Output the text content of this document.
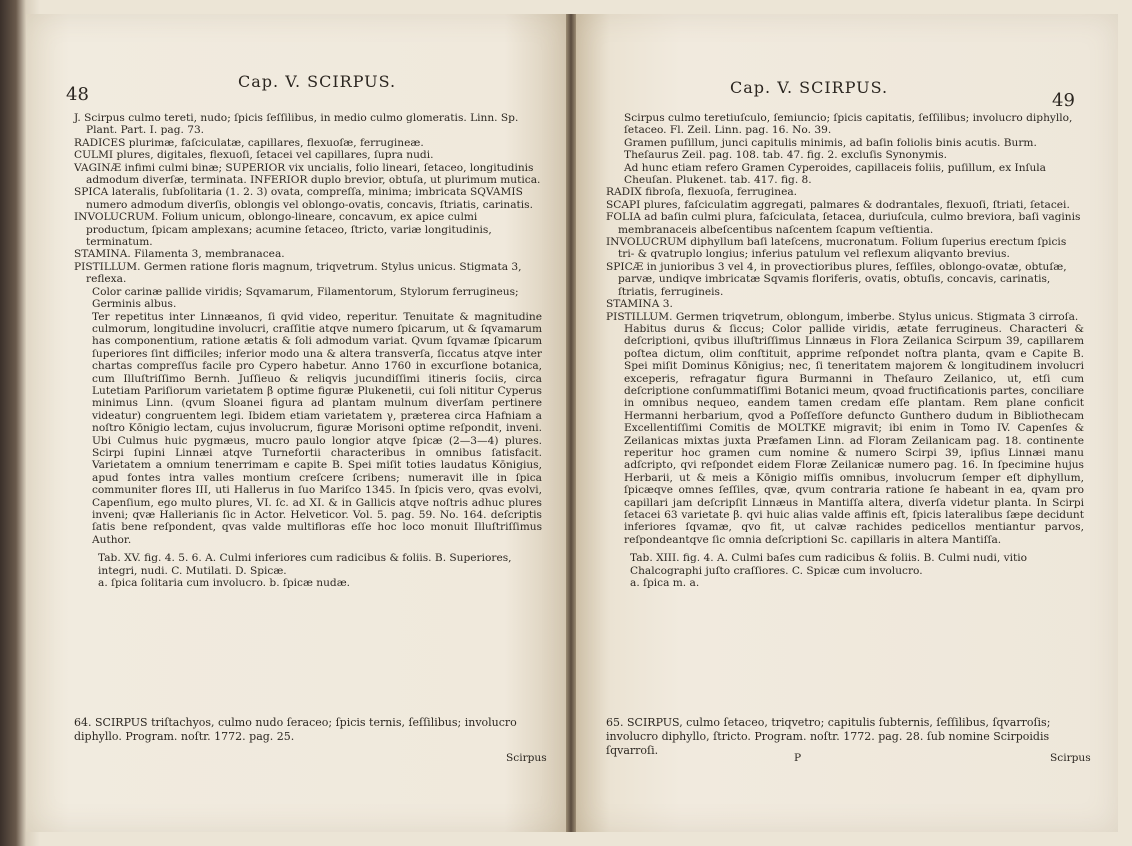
48
Cap. V. SCIRPUS.

J. Scirpus culmo tereti, nudo; ſpicis ſeſſilibus, in medio culmo glomeratis. Linn. Sp. Plant. Part. I. pag. 73.

RADICES plurimæ, faſciculatæ, capillares, flexuoſæ, ferrugineæ.

CULMI plures, digitales, flexuoſi, ſetacei vel capillares, ſupra nudi.

VAGINÆ infimi culmi binæ; SUPERIOR vix uncialis, folio lineari, ſetaceo, longitudinis admodum diverſæ, terminata. INFERIOR duplo brevior, obtuſa, ut plurimum mutica.

SPICA lateralis, ſubſolitaria (1. 2. 3) ovata, compreſſa, minima; imbricata SQVAMIS numero admodum diverſis, oblongis vel oblongo-ovatis, concavis, ſtriatis, carinatis.

INVOLUCRUM. Folium unicum, oblongo-lineare, concavum, ex apice culmi productum, ſpicam amplexans; acumine ſetaceo, ſtricto, variæ longitudinis, terminatum.

STAMINA. Filamenta 3, membranacea.

PISTILLUM. Germen ratione floris magnum, triqvetrum. Stylus unicus. Stigmata 3, reflexa.

Color carinæ pallide viridis; Sqvamarum, Filamentorum, Stylorum ferrugineus; Germinis albus.

Ter repetitus inter Linnæanos, ſi qvid video, reperitur. Tenuitate & magnitudine culmorum, longitudine involucri, craſſitie atqve numero ſpicarum, ut & ſqvamarum has componentium, ratione ætatis & ſoli admodum variat. Qvum ſqvamæ ſpicarum ſuperiores ſint difficiles; inferior modo una & altera transverſa, ſiccatus atqve inter chartas compreſſus facile pro Cypero habetur. Anno 1760 in excurſione botanica, cum Illuſtriſſimo Bernh. Juſſieuo & reliqvis jucundiſſimi itineris ſociis, circa Lutetiam Pariſiorum varietatem β optime figuræ Plukenetii, cui ſoli nititur Cyperus minimus Linn. (qvum Sloanei figura ad plantam mulnum diverſam pertinere videatur) congruentem legi. Ibidem etiam varietatem γ, præterea circa Hafniam a noſtro Kōnigio lectam, cujus involucrum, figuræ Morisoni optime reſpondit, inveni. Ubi Culmus huic pygmæus, mucro paulo longior atqve ſpicæ (2—3—4) plures. Scirpi ſupini Linnæi atqve Turnefortii characteribus in omnibus ſatisfacit. Varietatem a omnium tenerrimam e capite B. Spei miſit toties laudatus Kōnigius, apud fontes intra valles montium creſcere ſcribens; numeravit ille in ſpica communiter flores III, uti Hallerus in ſuo Mariſco 1345. In ſpicis vero, qvas evolvi, Capenſium, ego multo plures, VI. ſc. ad XI. & in Gallicis atqve noſtris adhuc plures inveni; qvæ Hallerianis ſic in Actor. Helveticor. Vol. 5. pag. 59. No. 164. deſcriptis ſatis bene reſpondent, qvas valde multifloras eſſe hoc loco monuit Illuſtriſſimus Author.

Tab. XV. fig. 4. 5. 6. A. Culmi inferiores cum radicibus & foliis. B. Superiores, integri, nudi. C. Mutilati. D. Spicæ.

a. ſpica ſolitaria cum involucro. b. ſpicæ nudæ.

64. SCIRPUS triſtachyos, culmo nudo ſeraceo; ſpicis ternis, ſeſſilibus; involucro diphyllo. Program. noſtr. 1772. pag. 25.
Scirpus
Cap. V. SCIRPUS.
49

Scirpus culmo teretiuſculo, ſemiuncio; ſpicis capitatis, ſeſſilibus; involucro diphyllo, ſetaceo. Fl. Zeil. Linn. pag. 16. No. 39.

Gramen puſillum, junci capitulis minimis, ad baſin foliolis binis acutis. Burm. Theſaurus Zeil. pag. 108. tab. 47. fig. 2. excluſis Synonymis.

Ad hunc etiam refero Gramen Cyperoides, capillaceis foliis, puſillum, ex Inſula Cheuſan. Plukenet. tab. 417. fig. 8.

RADIX fibroſa, flexuoſa, ferruginea.

SCAPI plures, faſciculatim aggregati, palmares & dodrantales, flexuoſi, ſtriati, ſetacei.

FOLIA ad baſin culmi plura, faſciculata, ſetacea, duriuſcula, culmo breviora, baſi vaginis membranaceis albeſcentibus naſcentem ſcapum veſtientia.

INVOLUCRUM diphyllum baſi lateſcens, mucronatum. Folium ſuperius erectum ſpicis tri- & qvatruplo longius; inferius patulum vel reflexum aliqvanto brevius.

SPICÆ in junioribus 3 vel 4, in provectioribus plures, ſeſſiles, oblongo-ovatæ, obtuſæ, parvæ, undiqve imbricatæ Sqvamis floriferis, ovatis, obtuſis, concavis, carinatis, ſtriatis, ferrugineis.

STAMINA 3.

PISTILLUM. Germen triqvetrum, oblongum, imberbe. Stylus unicus. Stigmata 3 cirroſa.

Habitus durus & ſiccus; Color pallide viridis, ætate ferrugineus. Characteri & deſcriptioni, qvibus illuſtriſſimus Linnæus in Flora Zeilanica Scirpum 39, capillarem poſtea dictum, olim conſtituit, apprime reſpondet noſtra planta, qvam e Capite B. Spei miſit Dominus Kōnigius; nec, ſi teneritatem majorem & longitudinem involucri exceperis, refragatur figura Burmanni in Theſauro Zeilanico, ut, etſi cum deſcriptione conſummatiſſimi Botanici meum, qvoad fructificationis partes, conciliare in omnibus nequeo, eandem tamen credam eſſe plantam. Rem plane conficit Hermanni herbarium, qvod a Poſſeſſore defuncto Gunthero dudum in Bibliothecam Excellentiſſimi Comitis de MOLTKE migravit; ibi enim in Tomo IV. Capenſes & Zeilanicas mixtas juxta Præfamen Linn. ad Floram Zeilanicam pag. 18. continente reperitur hoc gramen cum nomine & numero Scirpi 39, ipſius Linnæi manu adſcripto, qvi reſpondet eidem Floræ Zeilanicæ numero pag. 16. In ſpecimine hujus Herbarii, ut & meis a Kōnigio miſſis omnibus, involucrum ſemper eſt diphyllum, ſpicæqve omnes ſeſſiles, qvæ, qvum contraria ratione ſe habeant in ea, qvam pro capillari jam deſcripſit Linnæus in Mantiſſa altera, diverſa videtur planta. In Scirpi ſetacei 63 varietate β. qvi huic alias valde affinis eſt, ſpicis lateralibus ſæpe decidunt inferiores ſqvamæ, qvo fit, ut calvæ rachides pedicellos mentiantur parvos, reſpondeantqve ſic omnia deſcriptioni Sc. capillaris in altera Mantiſſa.

Tab. XIII. fig. 4. A. Culmi baſes cum radicibus & foliis. B. Culmi nudi, vitio Chalcographi juſto craſſiores. C. Spicæ cum involucro.

a. ſpica m. a.

65. SCIRPUS, culmo ſetaceo, triqvetro; capitulis ſubternis, ſeſſilibus, ſqvarroſis; involucro diphyllo, ſtricto. Program. noſtr. 1772. pag. 28. ſub nomine Scirpoidis ſqvarroſi.
P	Scirpus
